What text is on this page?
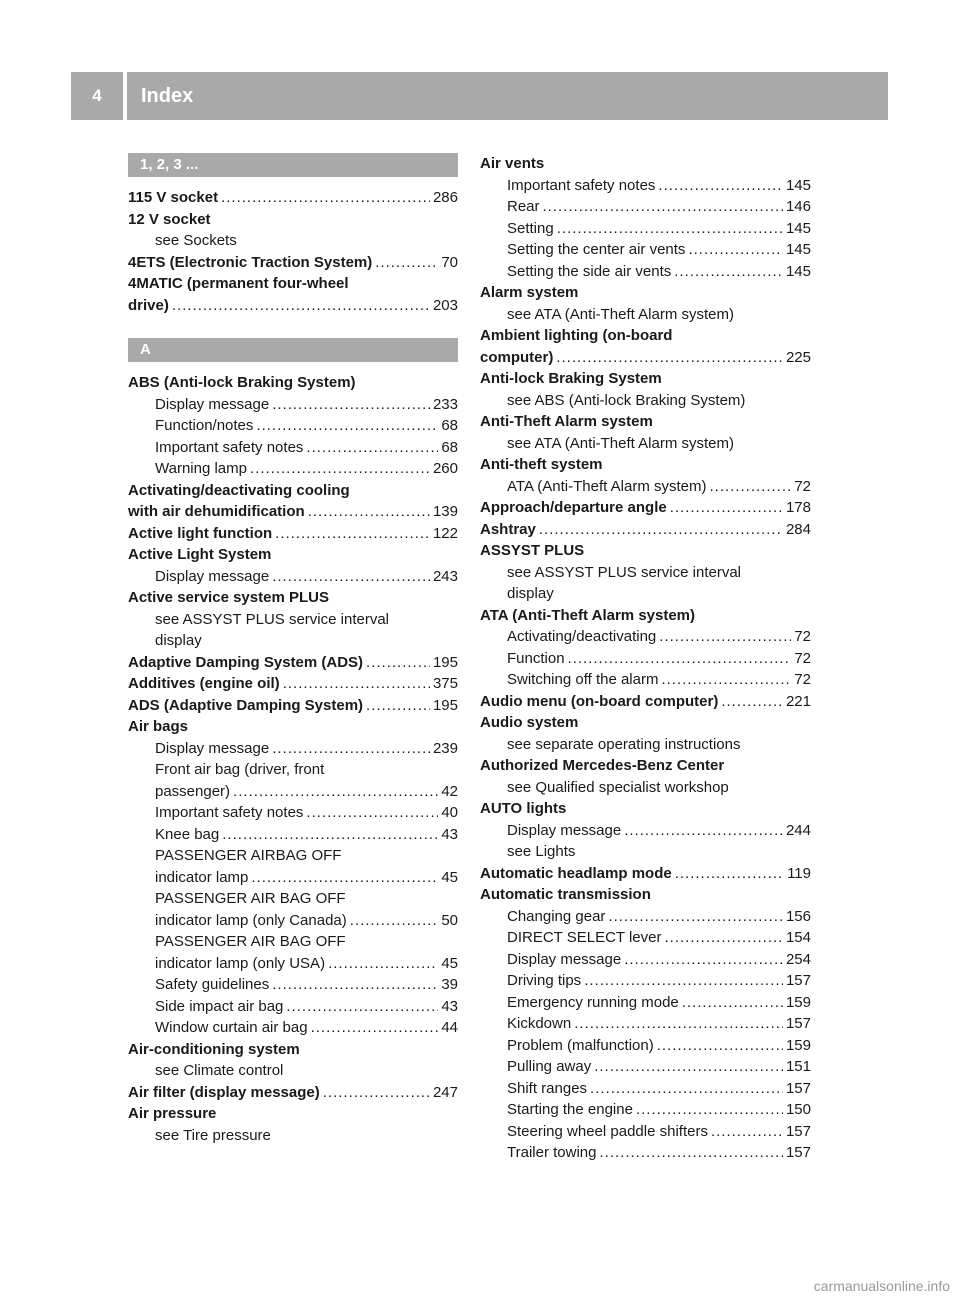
4	Index
1, 2, 3 ...
115 V socket .....	286
12 V socket
see Sockets
4ETS (Electronic Traction System) .....	70
4MATIC (permanent four-wheel
drive) .....	203
A
ABS (Anti-lock Braking System)
Display message .....	233
Function/notes .....	68
Important safety notes .....	68
Warning lamp .....	260
Activating/deactivating cooling
with air dehumidification .....	139
Active light function .....	122
Active Light System
Display message .....	243
Active service system PLUS
see ASSYST PLUS service interval
display
Adaptive Damping System (ADS) .....	195
Additives (engine oil) .....	375
ADS (Adaptive Damping System) .....	195
Air bags
Display message .....	239
Front air bag (driver, front
passenger) .....	42
Important safety notes .....	40
Knee bag .....	43
PASSENGER AIRBAG OFF
indicator lamp .....	45
PASSENGER AIR BAG OFF
indicator lamp (only Canada) .....	50
PASSENGER AIR BAG OFF
indicator lamp (only USA) .....	45
Safety guidelines .....	39
Side impact air bag .....	43
Window curtain air bag .....	44
Air-conditioning system
see Climate control
Air filter (display message) .....	247
Air pressure
see Tire pressure
Air vents
Important safety notes .....	145
Rear .....	146
Setting .....	145
Setting the center air vents .....	145
Setting the side air vents .....	145
Alarm system
see ATA (Anti-Theft Alarm system)
Ambient lighting (on-board
computer) .....	225
Anti-lock Braking System
see ABS (Anti-lock Braking System)
Anti-Theft Alarm system
see ATA (Anti-Theft Alarm system)
Anti-theft system
ATA (Anti-Theft Alarm system) .....	72
Approach/departure angle .....	178
Ashtray .....	284
ASSYST PLUS
see ASSYST PLUS service interval
display
ATA (Anti-Theft Alarm system)
Activating/deactivating .....	72
Function .....	72
Switching off the alarm .....	72
Audio menu (on-board computer) .....	221
Audio system
see separate operating instructions
Authorized Mercedes-Benz Center
see Qualified specialist workshop
AUTO lights
Display message .....	244
see Lights
Automatic headlamp mode .....	119
Automatic transmission
Changing gear .....	156
DIRECT SELECT lever .....	154
Display message .....	254
Driving tips .....	157
Emergency running mode .....	159
Kickdown .....	157
Problem (malfunction) .....	159
Pulling away .....	151
Shift ranges .....	157
Starting the engine .....	150
Steering wheel paddle shifters .....	157
Trailer towing .....	157
carmanualsonline.info
